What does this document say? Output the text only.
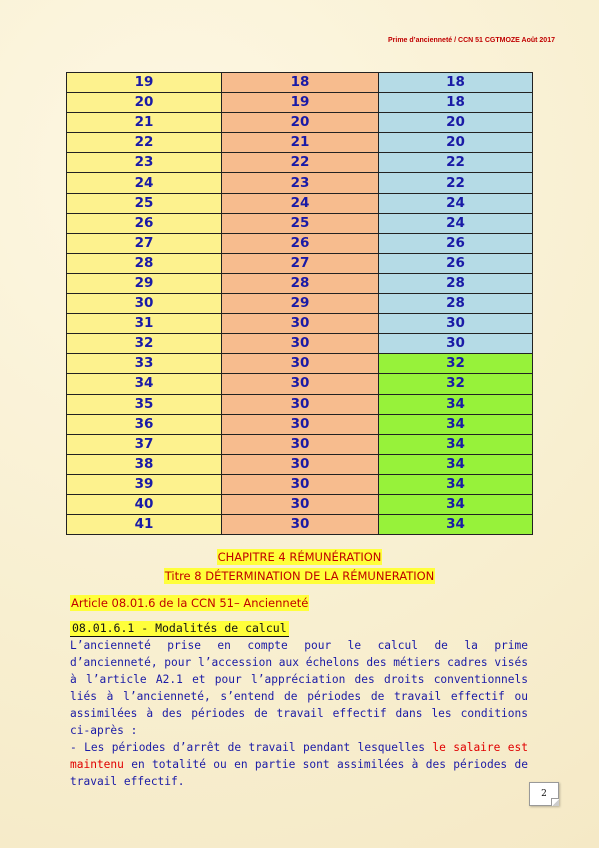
Prime d’ancienneté / CCN 51 CGTMOZE Août 2017
19	18	18
20	19	18
21	20	20
22	21	20
23	22	22
24	23	22
25	24	24
26	25	24
27	26	26
28	27	26
29	28	28
30	29	28
31	30	30
32	30	30
33	30	32
34	30	32
35	30	34
36	30	34
37	30	34
38	30	34
39	30	34
40	30	34
41	30	34
CHAPITRE 4 RÉMUNÉRATION
Titre 8 DÉTERMINATION DE LA RÉMUNERATION
Article 08.01.6 de la CCN 51– Ancienneté
08.01.6.1 - Modalités de calcul
L’ancienneté prise en compte pour le calcul de la prime d’ancienneté, pour l’accession aux échelons des métiers cadres visés à l’article A2.1 et pour l’appréciation des droits conventionnels liés à l’ancienneté, s’entend de périodes de travail effectif ou assimilées à des périodes de travail effectif dans les conditions ci-après :
- Les périodes d’arrêt de travail pendant lesquelles le salaire est maintenu en totalité ou en partie sont assimilées à des périodes de travail effectif.
2
